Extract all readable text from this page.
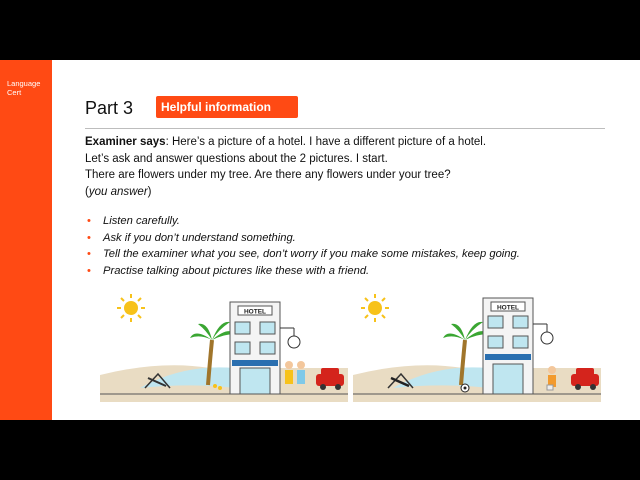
Language
Cert
Part 3	Helpful information

Examiner says: Here’s a picture of a hotel. I have a different picture of a hotel.

Let’s ask and answer questions about the 2 pictures. I start.

There are flowers under my tree. Are there any flowers under your tree?

(you answer)

• Listen carefully.
• Ask if you don’t understand something.
• Tell the examiner what you see, don’t worry if you make some mistakes, keep going.
• Practise talking about pictures like these with a friend.
HOTEL
HOTEL
